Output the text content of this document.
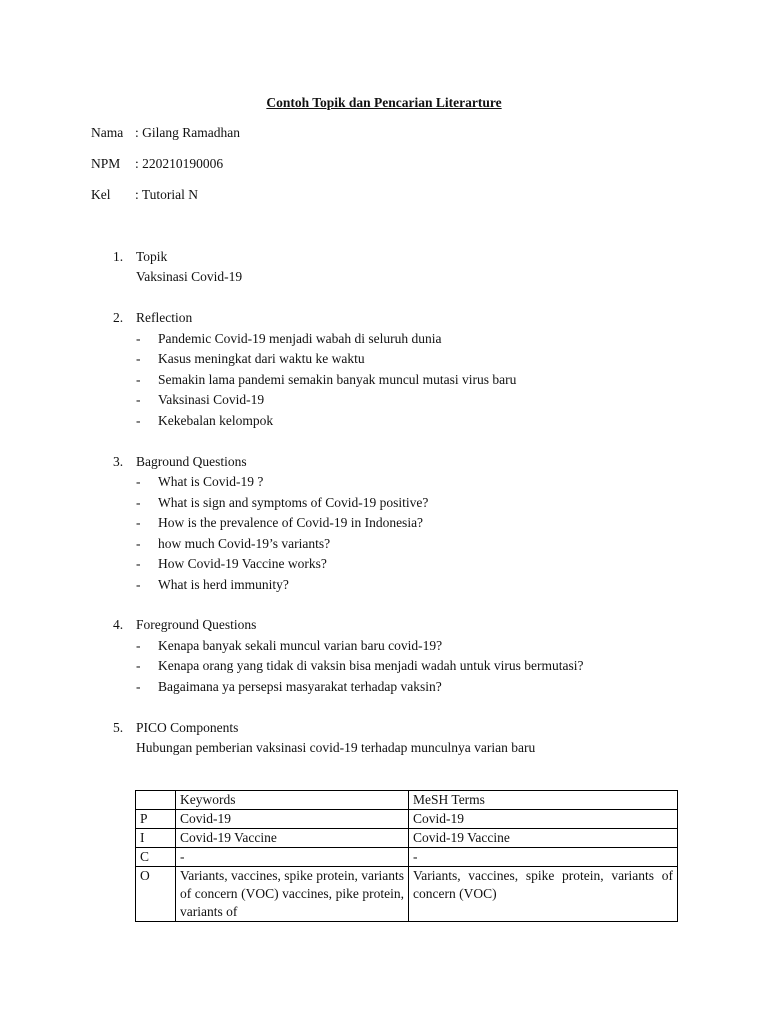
Contoh Topik dan Pencarian Literarture
Nama : Gilang Ramadhan
NPM : 220210190006
Kel : Tutorial N
1. Topik
Vaksinasi Covid-19
2. Reflection
- Pandemic Covid-19 menjadi wabah di seluruh dunia
- Kasus meningkat dari waktu ke waktu
- Semakin lama pandemi semakin banyak muncul mutasi virus baru
- Vaksinasi Covid-19
- Kekebalan kelompok
3. Baground Questions
- What is Covid-19 ?
- What is sign and symptoms of Covid-19 positive?
- How is the prevalence of Covid-19 in Indonesia?
- how much Covid-19’s variants?
- How Covid-19 Vaccine works?
- What is herd immunity?
4. Foreground Questions
- Kenapa banyak sekali muncul varian baru covid-19?
- Kenapa orang yang tidak di vaksin bisa menjadi wadah untuk virus bermutasi?
- Bagaimana ya persepsi masyarakat terhadap vaksin?
5. PICO Components
Hubungan pemberian vaksinasi covid-19 terhadap munculnya varian baru
	Keywords	MeSH Terms
P	Covid-19	Covid-19
I	Covid-19 Vaccine	Covid-19 Vaccine
C	-	-
O	Variants, vaccines, spike protein, variants of concern (VOC) vaccines, pike protein, variants of	Variants, vaccines, spike protein, variants of concern (VOC)
